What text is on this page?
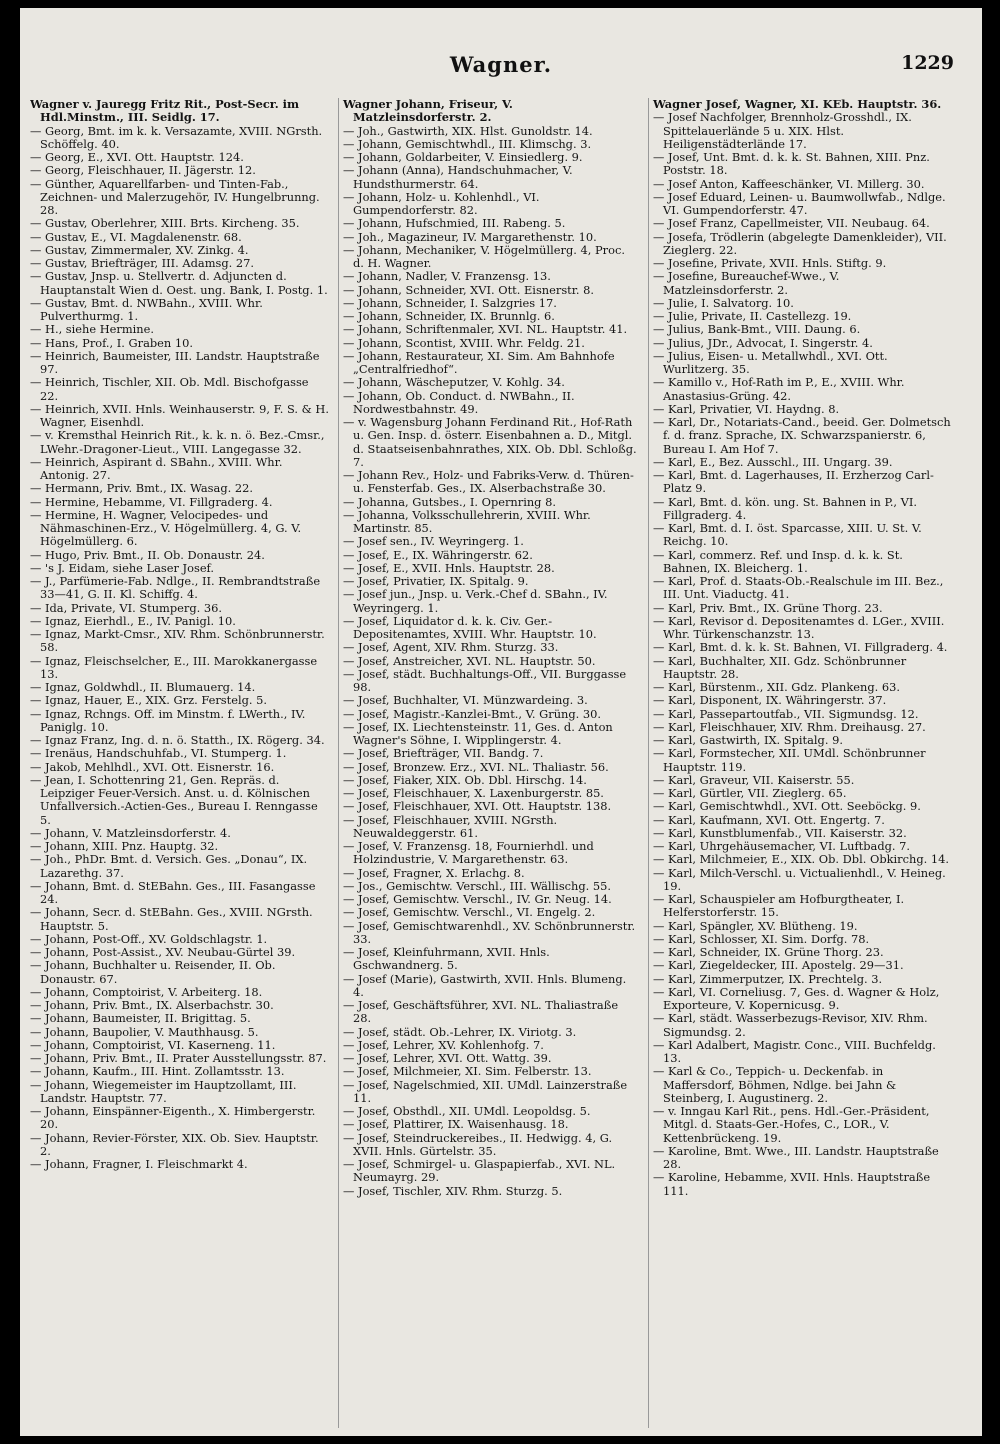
Wagner.	1229
Wagner v. Jauregg Fritz Rit., Post-Secr. im Hdl.Minstm., III. Seidlg. 17.
— Georg, Bmt. im k. k. Versazamte, XVIII. NGrsth. Schöffelg. 40.
— Georg, E., XVI. Ott. Hauptstr. 124.
— Georg, Fleischhauer, II. Jägerstr. 12.
— Günther, Aquarellfarben- und Tinten-Fab., Zeichnen- und Malerzugehör, IV. Hungelbrunng. 28.
— Gustav, Oberlehrer, XIII. Brts. Kircheng. 35.
— Gustav, E., VI. Magdalenenstr. 68.
— Gustav, Zimmermaler, XV. Zinkg. 4.
— Gustav, Briefträger, III. Adamsg. 27.
— Gustav, Jnsp. u. Stellvertr. d. Adjuncten d. Hauptanstalt Wien d. Oest. ung. Bank, I. Postg. 1.
— Gustav, Bmt. d. NWBahn., XVIII. Whr. Pulverthurmg. 1.
— H., siehe Hermine.
— Hans, Prof., I. Graben 10.
— Heinrich, Baumeister, III. Landstr. Hauptstraße 97.
— Heinrich, Tischler, XII. Ob. Mdl. Bischofgasse 22.
— Heinrich, XVII. Hnls. Weinhauserstr. 9, F. S. & H. Wagner, Eisenhdl.
— v. Kremsthal Heinrich Rit., k. k. n. ö. Bez.-Cmsr., LWehr.-Dragoner-Lieut., VIII. Langegasse 32.
— Heinrich, Aspirant d. SBahn., XVIII. Whr. Antonig. 27.
— Hermann, Priv. Bmt., IX. Wasag. 22.
— Hermine, Hebamme, VI. Fillgraderg. 4.
— Hermine, H. Wagner, Velocipedes- und Nähmaschinen-Erz., V. Högelmüllerg. 4, G. V. Högelmüllerg. 6.
— Hugo, Priv. Bmt., II. Ob. Donaustr. 24.
— 's J. Eidam, siehe Laser Josef.
— J., Parfümerie-Fab. Ndlge., II. Rembrandtstraße 33—41, G. II. Kl. Schiffg. 4.
— Ida, Private, VI. Stumperg. 36.
— Ignaz, Eierhdl., E., IV. Panigl. 10.
— Ignaz, Markt-Cmsr., XIV. Rhm. Schönbrunnerstr. 58.
— Ignaz, Fleischselcher, E., III. Marokkanergasse 13.
— Ignaz, Goldwhdl., II. Blumauerg. 14.
— Ignaz, Hauer, E., XIX. Grz. Ferstelg. 5.
— Ignaz, Rchngs. Off. im Minstm. f. LWerth., IV. Paniglg. 10.
— Ignaz Franz, Ing. d. n. ö. Statth., IX. Rögerg. 34.
— Irenäus, Handschuhfab., VI. Stumperg. 1.
— Jakob, Mehlhdl., XVI. Ott. Eisnerstr. 16.
— Jean, I. Schottenring 21, Gen. Repräs. d. Leipziger Feuer-Versich. Anst. u. d. Kölnischen Unfallversich.-Actien-Ges., Bureau I. Renngasse 5.
— Johann, V. Matzleinsdorferstr. 4.
— Johann, XIII. Pnz. Hauptg. 32.
— Joh., PhDr. Bmt. d. Versich. Ges. „Donau“, IX. Lazarethg. 37.
— Johann, Bmt. d. StEBahn. Ges., III. Fasangasse 24.
— Johann, Secr. d. StEBahn. Ges., XVIII. NGrsth. Hauptstr. 5.
— Johann, Post-Off., XV. Goldschlagstr. 1.
— Johann, Post-Assist., XV. Neubau-Gürtel 39.
— Johann, Buchhalter u. Reisender, II. Ob. Donaustr. 67.
— Johann, Comptoirist, V. Arbeiterg. 18.
— Johann, Priv. Bmt., IX. Alserbachstr. 30.
— Johann, Baumeister, II. Brigittag. 5.
— Johann, Baupolier, V. Mauthhausg. 5.
— Johann, Comptoirist, VI. Kaserneng. 11.
— Johann, Priv. Bmt., II. Prater Ausstellungsstr. 87.
— Johann, Kaufm., III. Hint. Zollamtsstr. 13.
— Johann, Wiegemeister im Hauptzollamt, III. Landstr. Hauptstr. 77.
— Johann, Einspänner-Eigenth., X. Himbergerstr. 20.
— Johann, Revier-Förster, XIX. Ob. Siev. Hauptstr. 2.
— Johann, Fragner, I. Fleischmarkt 4.
Wagner Johann, Friseur, V. Matzleinsdorferstr. 2.
— Joh., Gastwirth, XIX. Hlst. Gunoldstr. 14.
— Johann, Gemischtwhdl., III. Klimschg. 3.
— Johann, Goldarbeiter, V. Einsiedlerg. 9.
— Johann (Anna), Handschuhmacher, V. Hundsthurmerstr. 64.
— Johann, Holz- u. Kohlenhdl., VI. Gumpendorferstr. 82.
— Johann, Hufschmied, III. Rabeng. 5.
— Joh., Magazineur, IV. Margarethenstr. 10.
— Johann, Mechaniker, V. Högelmüllerg. 4, Proc. d. H. Wagner.
— Johann, Nadler, V. Franzensg. 13.
— Johann, Schneider, XVI. Ott. Eisnerstr. 8.
— Johann, Schneider, I. Salzgries 17.
— Johann, Schneider, IX. Brunnlg. 6.
— Johann, Schriftenmaler, XVI. NL. Hauptstr. 41.
— Johann, Scontist, XVIII. Whr. Feldg. 21.
— Johann, Restaurateur, XI. Sim. Am Bahnhofe „Centralfriedhof“.
— Johann, Wäscheputzer, V. Kohlg. 34.
— Johann, Ob. Conduct. d. NWBahn., II. Nordwestbahnstr. 49.
— v. Wagensburg Johann Ferdinand Rit., Hof-Rath u. Gen. Insp. d. österr. Eisenbahnen a. D., Mitgl. d. Staatseisenbahnrathes, XIX. Ob. Dbl. Schloßg. 7.
— Johann Rev., Holz- und Fabriks-Verw. d. Thüren- u. Fensterfab. Ges., IX. Alserbachstraße 30.
— Johanna, Gutsbes., I. Opernring 8.
— Johanna, Volksschullehrerin, XVIII. Whr. Martinstr. 85.
— Josef sen., IV. Weyringerg. 1.
— Josef, E., IX. Währingerstr. 62.
— Josef, E., XVII. Hnls. Hauptstr. 28.
— Josef, Privatier, IX. Spitalg. 9.
— Josef jun., Jnsp. u. Verk.-Chef d. SBahn., IV. Weyringerg. 1.
— Josef, Liquidator d. k. k. Civ. Ger.-Depositenamtes, XVIII. Whr. Hauptstr. 10.
— Josef, Agent, XIV. Rhm. Sturzg. 33.
— Josef, Anstreicher, XVI. NL. Hauptstr. 50.
— Josef, städt. Buchhaltungs-Off., VII. Burggasse 98.
— Josef, Buchhalter, VI. Münzwardeing. 3.
— Josef, Magistr.-Kanzlei-Bmt., V. Grüng. 30.
— Josef, IX. Liechtensteinstr. 11, Ges. d. Anton Wagner's Söhne, I. Wipplingerstr. 4.
— Josef, Briefträger, VII. Bandg. 7.
— Josef, Bronzew. Erz., XVI. NL. Thaliastr. 56.
— Josef, Fiaker, XIX. Ob. Dbl. Hirschg. 14.
— Josef, Fleischhauer, X. Laxenburgerstr. 85.
— Josef, Fleischhauer, XVI. Ott. Hauptstr. 138.
— Josef, Fleischhauer, XVIII. NGrsth. Neuwaldeggerstr. 61.
— Josef, V. Franzensg. 18, Fournierhdl. und Holzindustrie, V. Margarethenstr. 63.
— Josef, Fragner, X. Erlachg. 8.
— Jos., Gemischtw. Verschl., III. Wällischg. 55.
— Josef, Gemischtw. Verschl., IV. Gr. Neug. 14.
— Josef, Gemischtw. Verschl., VI. Engelg. 2.
— Josef, Gemischtwarenhdl., XV. Schönbrunnerstr. 33.
— Josef, Kleinfuhrmann, XVII. Hnls. Gschwandnerg. 5.
— Josef (Marie), Gastwirth, XVII. Hnls. Blumeng. 4.
— Josef, Geschäftsführer, XVI. NL. Thaliastraße 28.
— Josef, städt. Ob.-Lehrer, IX. Viriotg. 3.
— Josef, Lehrer, XV. Kohlenhofg. 7.
— Josef, Lehrer, XVI. Ott. Wattg. 39.
— Josef, Milchmeier, XI. Sim. Felberstr. 13.
— Josef, Nagelschmied, XII. UMdl. Lainzerstraße 11.
— Josef, Obsthdl., XII. UMdl. Leopoldsg. 5.
— Josef, Plattirer, IX. Waisenhausg. 18.
— Josef, Steindruckereibes., II. Hedwigg. 4, G. XVII. Hnls. Gürtelstr. 35.
— Josef, Schmirgel- u. Glaspapierfab., XVI. NL. Neumayrg. 29.
— Josef, Tischler, XIV. Rhm. Sturzg. 5.
Wagner Josef, Wagner, XI. KEb. Hauptstr. 36.
— Josef Nachfolger, Brennholz-Grosshdl., IX. Spittelauerlände 5 u. XIX. Hlst. Heiligenstädterlände 17.
— Josef, Unt. Bmt. d. k. k. St. Bahnen, XIII. Pnz. Poststr. 18.
— Josef Anton, Kaffeeschänker, VI. Millerg. 30.
— Josef Eduard, Leinen- u. Baumwollwfab., Ndlge. VI. Gumpendorferstr. 47.
— Josef Franz, Capellmeister, VII. Neubaug. 64.
— Josefa, Trödlerin (abgelegte Damenkleider), VII. Zieglerg. 22.
— Josefine, Private, XVII. Hnls. Stiftg. 9.
— Josefine, Bureauchef-Wwe., V. Matzleinsdorferstr. 2.
— Julie, I. Salvatorg. 10.
— Julie, Private, II. Castellezg. 19.
— Julius, Bank-Bmt., VIII. Daung. 6.
— Julius, JDr., Advocat, I. Singerstr. 4.
— Julius, Eisen- u. Metallwhdl., XVI. Ott. Wurlitzerg. 35.
— Kamillo v., Hof-Rath im P., E., XVIII. Whr. Anastasius-Grüng. 42.
— Karl, Privatier, VI. Haydng. 8.
— Karl, Dr., Notariats-Cand., beeid. Ger. Dolmetsch f. d. franz. Sprache, IX. Schwarzspanierstr. 6, Bureau I. Am Hof 7.
— Karl, E., Bez. Ausschl., III. Ungarg. 39.
— Karl, Bmt. d. Lagerhauses, II. Erzherzog Carl-Platz 9.
— Karl, Bmt. d. kön. ung. St. Bahnen in P., VI. Fillgraderg. 4.
— Karl, Bmt. d. I. öst. Sparcasse, XIII. U. St. V. Reichg. 10.
— Karl, commerz. Ref. und Insp. d. k. k. St. Bahnen, IX. Bleicherg. 1.
— Karl, Prof. d. Staats-Ob.-Realschule im III. Bez., III. Unt. Viaductg. 41.
— Karl, Priv. Bmt., IX. Grüne Thorg. 23.
— Karl, Revisor d. Depositenamtes d. LGer., XVIII. Whr. Türkenschanzstr. 13.
— Karl, Bmt. d. k. k. St. Bahnen, VI. Fillgraderg. 4.
— Karl, Buchhalter, XII. Gdz. Schönbrunner Hauptstr. 28.
— Karl, Bürstenm., XII. Gdz. Plankeng. 63.
— Karl, Disponent, IX. Währingerstr. 37.
— Karl, Passepartoutfab., VII. Sigmundsg. 12.
— Karl, Fleischhauer, XIV. Rhm. Dreihausg. 27.
— Karl, Gastwirth, IX. Spitalg. 9.
— Karl, Formstecher, XII. UMdl. Schönbrunner Hauptstr. 119.
— Karl, Graveur, VII. Kaiserstr. 55.
— Karl, Gürtler, VII. Zieglerg. 65.
— Karl, Gemischtwhdl., XVI. Ott. Seeböckg. 9.
— Karl, Kaufmann, XVI. Ott. Engertg. 7.
— Karl, Kunstblumenfab., VII. Kaiserstr. 32.
— Karl, Uhrgehäusemacher, VI. Luftbadg. 7.
— Karl, Milchmeier, E., XIX. Ob. Dbl. Obkirchg. 14.
— Karl, Milch-Verschl. u. Victualienhdl., V. Heineg. 19.
— Karl, Schauspieler am Hofburgtheater, I. Helferstorferstr. 15.
— Karl, Spängler, XV. Blütheng. 19.
— Karl, Schlosser, XI. Sim. Dorfg. 78.
— Karl, Schneider, IX. Grüne Thorg. 23.
— Karl, Ziegeldecker, III. Apostelg. 29—31.
— Karl, Zimmerputzer, IX. Prechtelg. 3.
— Karl, VI. Corneliusg. 7, Ges. d. Wagner & Holz, Exporteure, V. Kopernicusg. 9.
— Karl, städt. Wasserbezugs-Revisor, XIV. Rhm. Sigmundsg. 2.
— Karl Adalbert, Magistr. Conc., VIII. Buchfeldg. 13.
— Karl & Co., Teppich- u. Deckenfab. in Maffersdorf, Böhmen, Ndlge. bei Jahn & Steinberg, I. Augustinerg. 2.
— v. Inngau Karl Rit., pens. Hdl.-Ger.-Präsident, Mitgl. d. Staats-Ger.-Hofes, C., LOR., V. Kettenbrückeng. 19.
— Karoline, Bmt. Wwe., III. Landstr. Hauptstraße 28.
— Karoline, Hebamme, XVII. Hnls. Hauptstraße 111.
